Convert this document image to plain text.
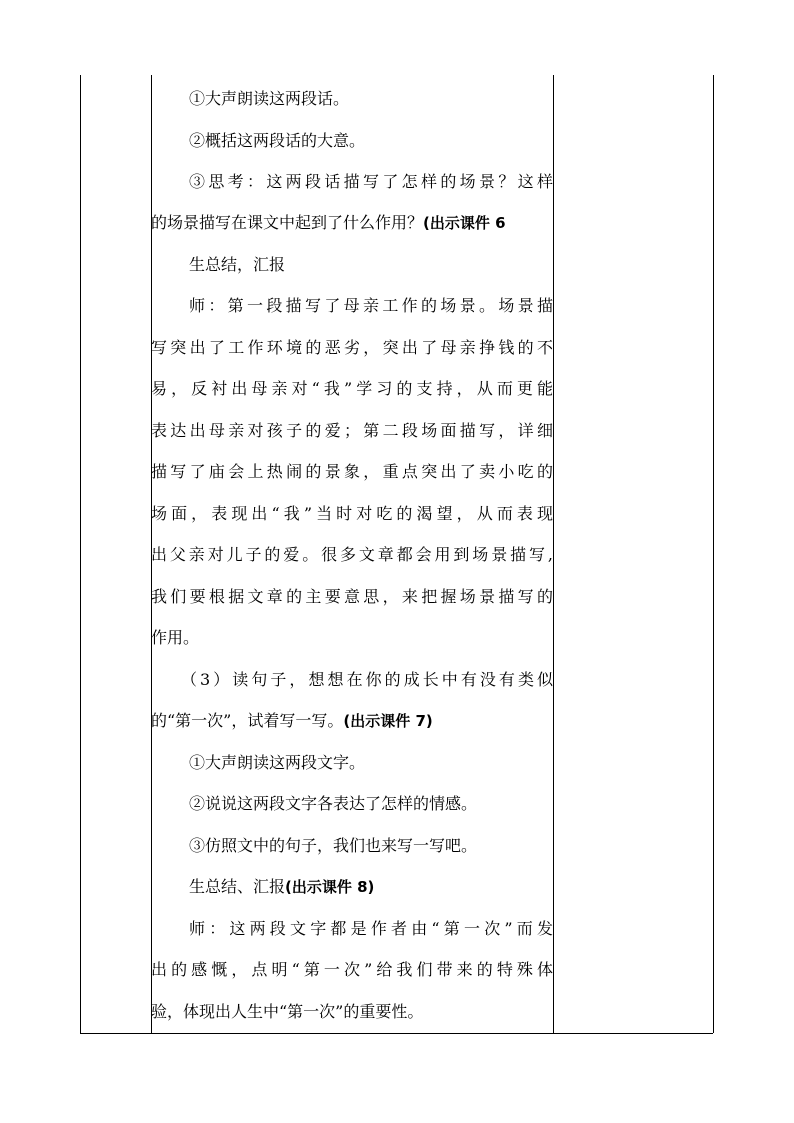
①大声朗读这两段话。
②概括这两段话的大意。
③思考：这两段话描写了怎样的场景？这样
的场景描写在课文中起到了什么作用？(出示课件 6
生总结，汇报
师：第一段描写了母亲工作的场景。场景描
写突出了工作环境的恶劣，突出了母亲挣钱的不
易，反衬出母亲对“我”学习的支持，从而更能
表达出母亲对孩子的爱；第二段场面描写，详细
描写了庙会上热闹的景象，重点突出了卖小吃的
场面，表现出“我”当时对吃的渴望，从而表现
出父亲对儿子的爱。很多文章都会用到场景描写,
我们要根据文章的主要意思，来把握场景描写的
作用。
（3）读句子，想想在你的成长中有没有类似
的“第一次”，试着写一写。(出示课件 7)
①大声朗读这两段文字。
②说说这两段文字各表达了怎样的情感。
③仿照文中的句子，我们也来写一写吧。
生总结、汇报(出示课件 8)
师：这两段文字都是作者由“第一次”而发
出的感慨，点明“第一次”给我们带来的特殊体
验，体现出人生中“第一次”的重要性。
